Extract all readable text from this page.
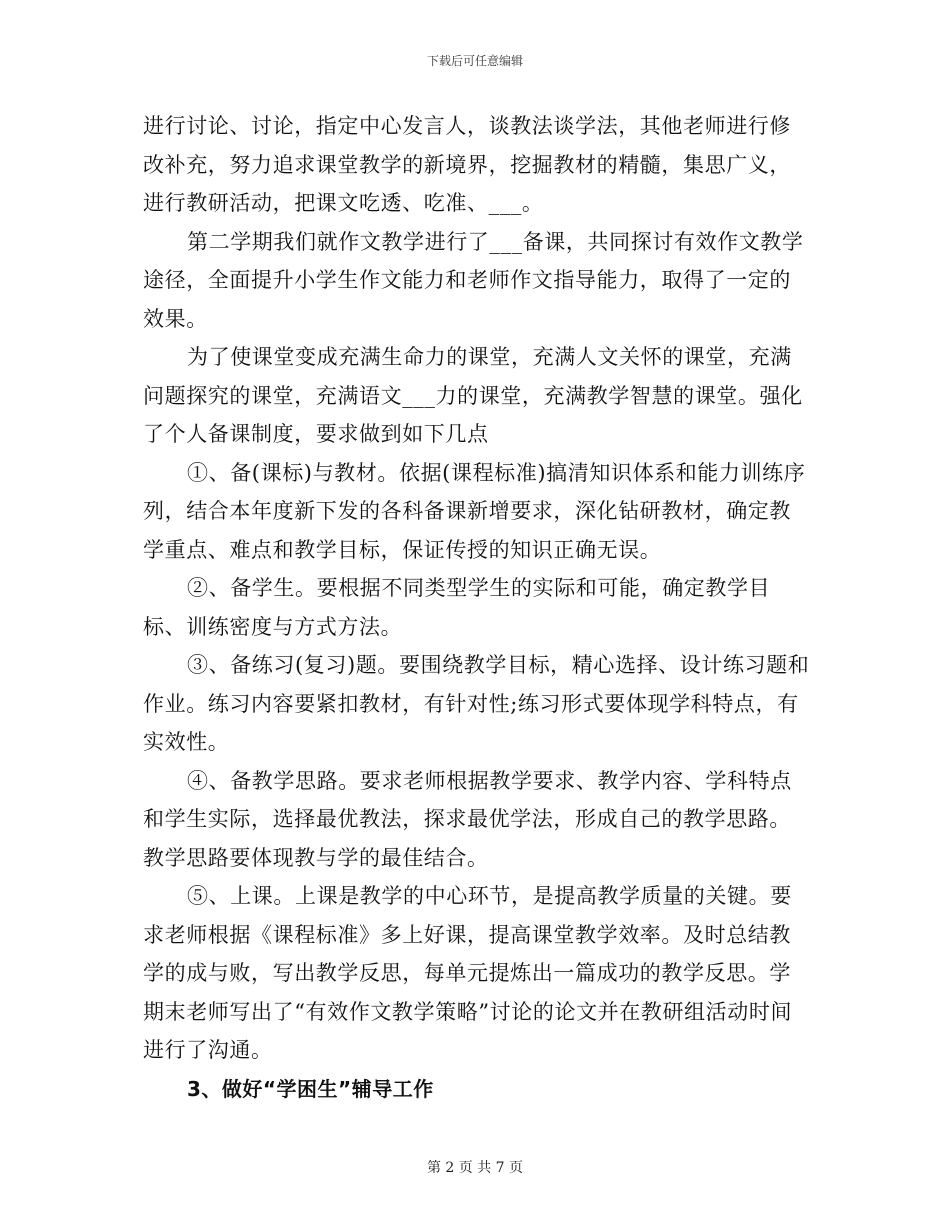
下载后可任意编辑

进行讨论、讨论，指定中心发言人，谈教法谈学法，其他老师进行修改补充，努力追求课堂教学的新境界，挖掘教材的精髓，集思广义，进行教研活动，把课文吃透、吃准、___。

第二学期我们就作文教学进行了___备课，共同探讨有效作文教学途径，全面提升小学生作文能力和老师作文指导能力，取得了一定的效果。

为了使课堂变成充满生命力的课堂，充满人文关怀的课堂，充满问题探究的课堂，充满语文___力的课堂，充满教学智慧的课堂。强化了个人备课制度，要求做到如下几点

①、备(课标)与教材。依据(课程标准)搞清知识体系和能力训练序列，结合本年度新下发的各科备课新增要求，深化钻研教材，确定教学重点、难点和教学目标，保证传授的知识正确无误。

②、备学生。要根据不同类型学生的实际和可能，确定教学目标、训练密度与方式方法。

③、备练习(复习)题。要围绕教学目标，精心选择、设计练习题和作业。练习内容要紧扣教材，有针对性;练习形式要体现学科特点，有实效性。

④、备教学思路。要求老师根据教学要求、教学内容、学科特点和学生实际，选择最优教法，探求最优学法，形成自己的教学思路。教学思路要体现教与学的最佳结合。

⑤、上课。上课是教学的中心环节，是提高教学质量的关键。要求老师根据《课程标准》多上好课，提高课堂教学效率。及时总结教学的成与败，写出教学反思，每单元提炼出一篇成功的教学反思。学期末老师写出了“有效作文教学策略”讨论的论文并在教研组活动时间进行了沟通。

3、做好“学困生”辅导工作

第 2 页 共 7 页
